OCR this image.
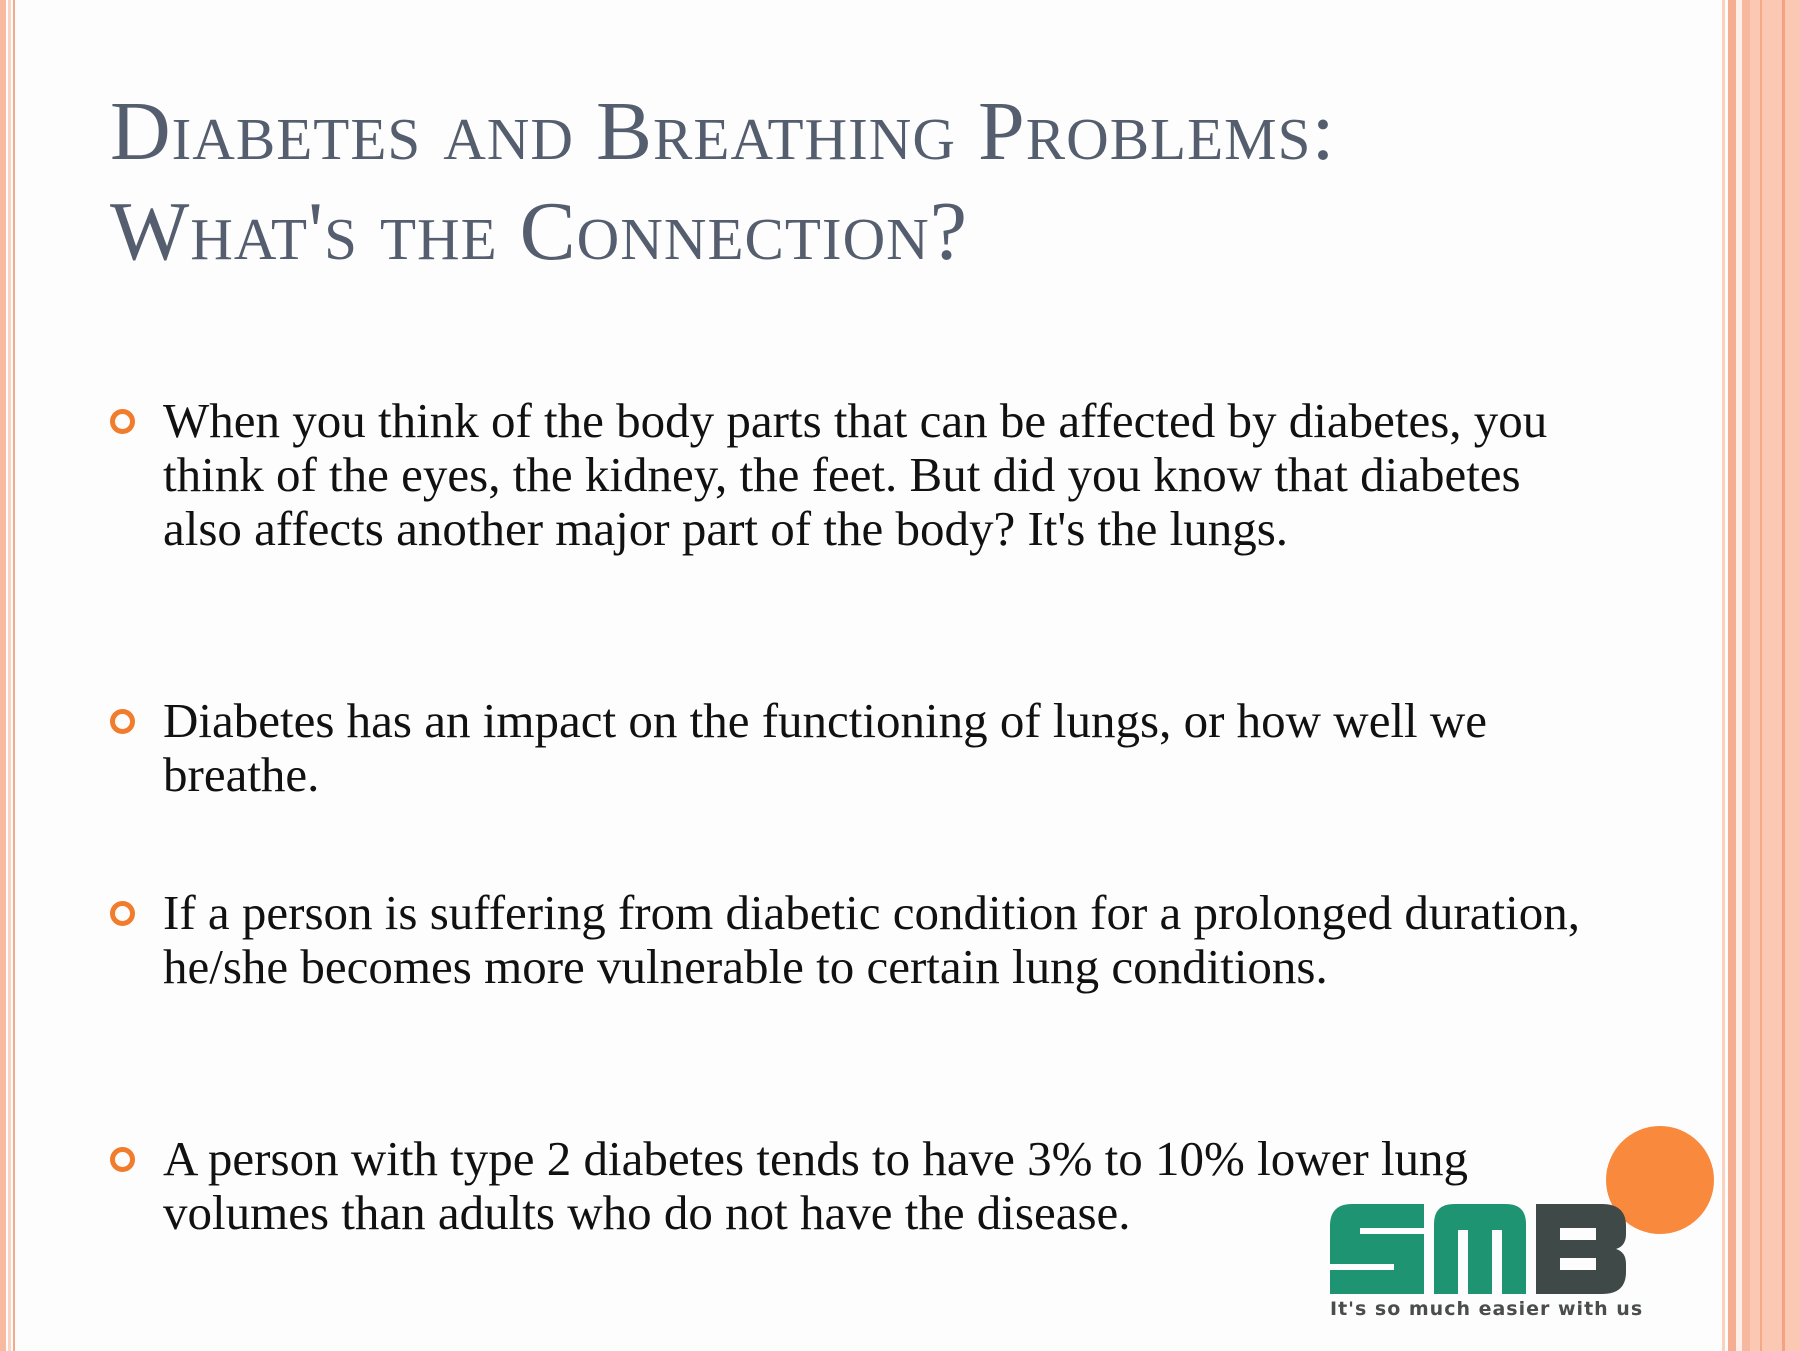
Diabetes and Breathing Problems:
What's the Connection?
When you think of the body parts that can be affected by diabetes, you think of the eyes, the kidney, the feet. But did you know that diabetes also affects another major part of the body? It's the lungs.
Diabetes has an impact on the functioning of lungs, or how well we breathe.
If a person is suffering from diabetic condition for a prolonged duration, he/she becomes more vulnerable to certain lung conditions.
A person with type 2 diabetes tends to have 3% to 10% lower lung volumes than adults who do not have the disease.
It's so much easier with us
